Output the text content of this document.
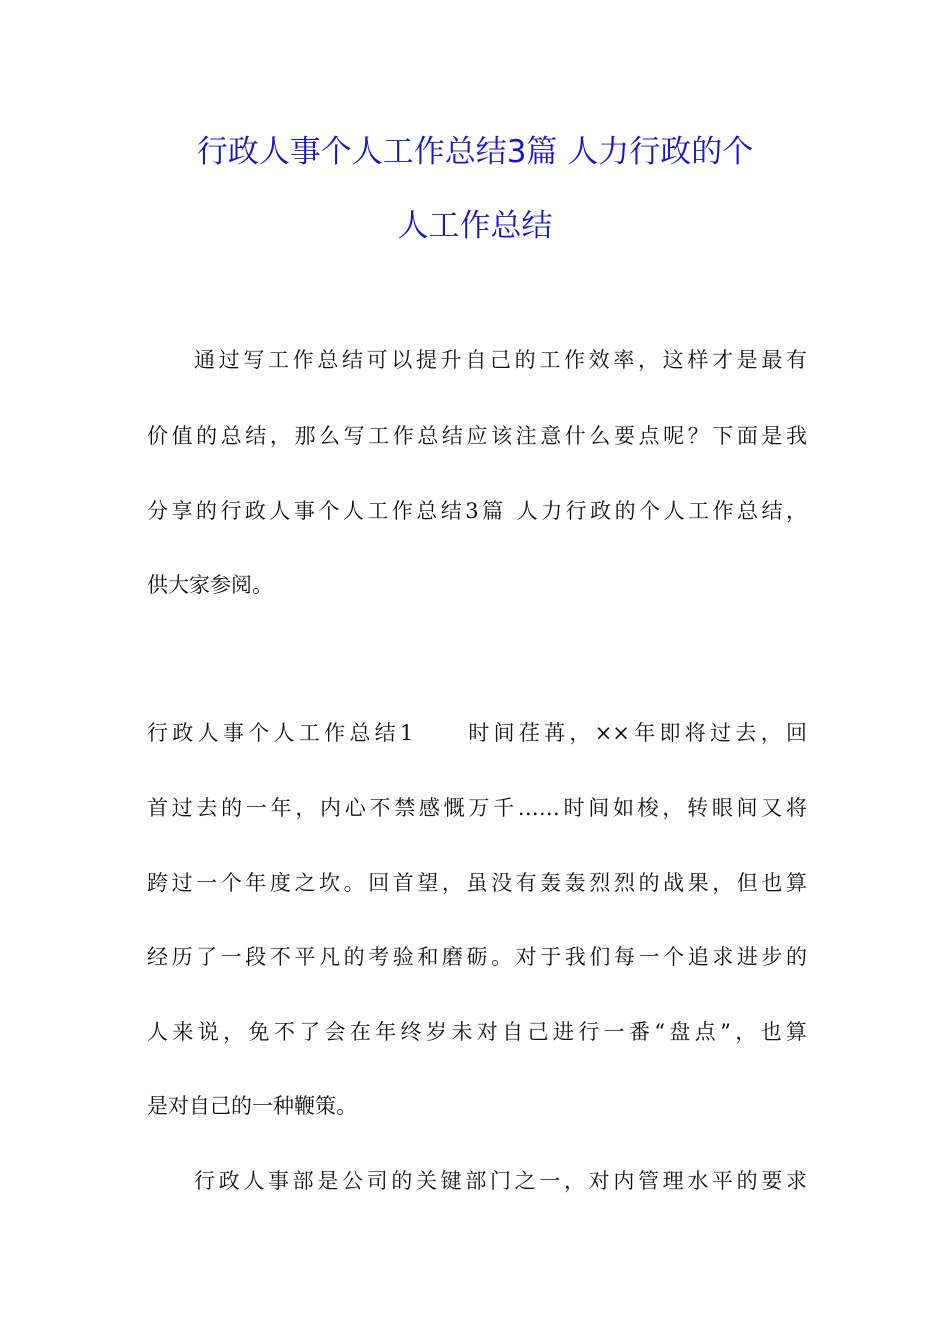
行政人事个人工作总结3篇 人力行政的个
人工作总结
通过写工作总结可以提升自己的工作效率，这样才是最有
价值的总结，那么写工作总结应该注意什么要点呢？下面是我
分享的行政人事个人工作总结3篇 人力行政的个人工作总结，
供大家参阅。
行政人事个人工作总结1　　时间荏苒，××年即将过去，回
首过去的一年，内心不禁感慨万千……时间如梭，转眼间又将
跨过一个年度之坎。回首望，虽没有轰轰烈烈的战果，但也算
经历了一段不平凡的考验和磨砺。对于我们每一个追求进步的
人来说，免不了会在年终岁未对自己进行一番“盘点”，也算
是对自己的一种鞭策。
行政人事部是公司的关键部门之一，对内管理水平的要求
